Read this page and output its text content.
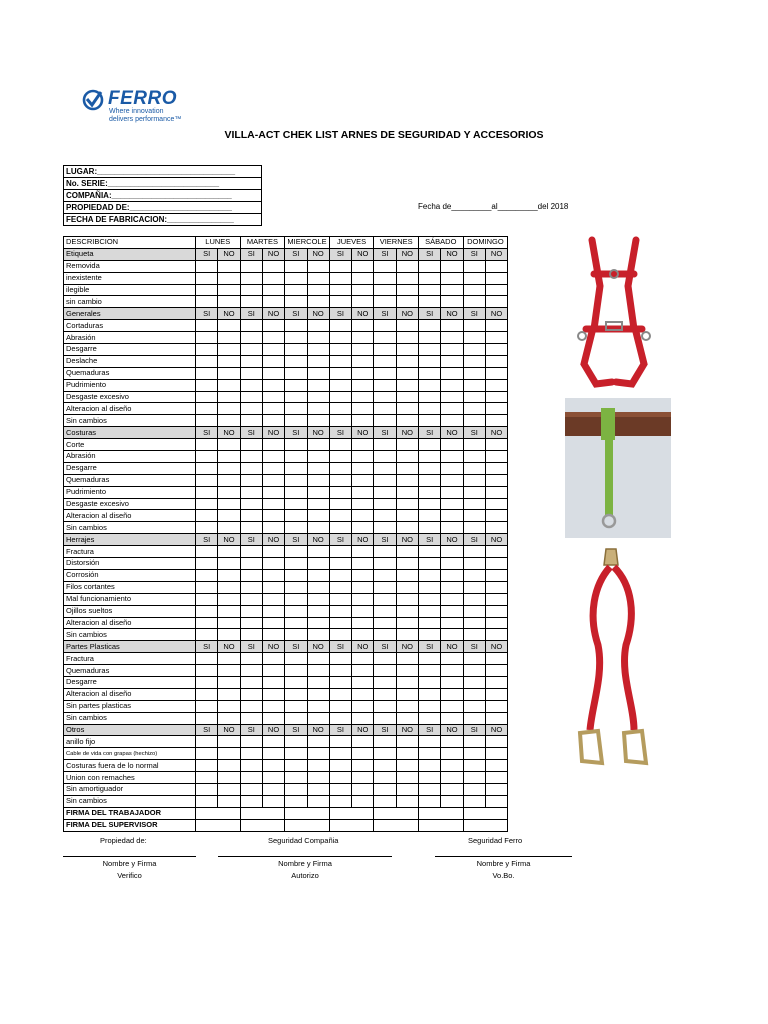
FERRO
Where innovation
delivers performance™
VILLA-ACT CHEK LIST ARNES DE SEGURIDAD Y ACCESORIOS
LUGAR:_______________________________
No. SERIE:_________________________
COMPAÑIA:___________________________
PROPIEDAD DE:_______________________
FECHA DE FABRICACION:_______________
Fecha de_________al_________del 2018
DESCRIBCION	LUNES		MARTES		MIERCOLE		JUEVES		VIERNES		SÁBADO		DOMINGO	
Etiqueta	SI	NO	SI	NO	SI	NO	SI	NO	SI	NO	SI	NO	SI	NO
Removida														
inexistente														
ilegible														
sin cambio														
Generales	SI	NO	SI	NO	SI	NO	SI	NO	SI	NO	SI	NO	SI	NO
Cortaduras														
Abrasión														
Desgarre														
Deslache														
Quemaduras														
Pudrimiento														
Desgaste excesivo														
Alteracion al diseño														
Sin cambios														
Costuras	SI	NO	SI	NO	SI	NO	SI	NO	SI	NO	SI	NO	SI	NO
Corte														
Abrasión														
Desgarre														
Quemaduras														
Pudrimiento														
Desgaste excesivo														
Alteracion al diseño														
Sin cambios														
Herrajes	SI	NO	SI	NO	SI	NO	SI	NO	SI	NO	SI	NO	SI	NO
Fractura														
Distorsión														
Corrosión														
Filos cortantes														
Mal funcionamiento														
Ojillos sueltos														
Alteracion al diseño														
Sin cambios														
Partes Plasticas	SI	NO	SI	NO	SI	NO	SI	NO	SI	NO	SI	NO	SI	NO
Fractura														
Quemaduras														
Desgarre														
Alteracion al diseño														
Sin partes plasticas														
Sin cambios														
Otros	SI	NO	SI	NO	SI	NO	SI	NO	SI	NO	SI	NO	SI	NO
anillo fijo														
Cable de vida con grapas (hechizo)														
Costuras fuera de lo normal														
Union con remaches														
Sin amortiguador														
Sin cambios														
FIRMA DEL TRABAJADOR														
FIRMA DEL SUPERVISOR														
Propiedad de:	Seguridad Compañia	Seguridad Ferro
Nombre y Firma
Verifico
Nombre y Firma
Autorizo
Nombre y Firma
Vo.Bo.
